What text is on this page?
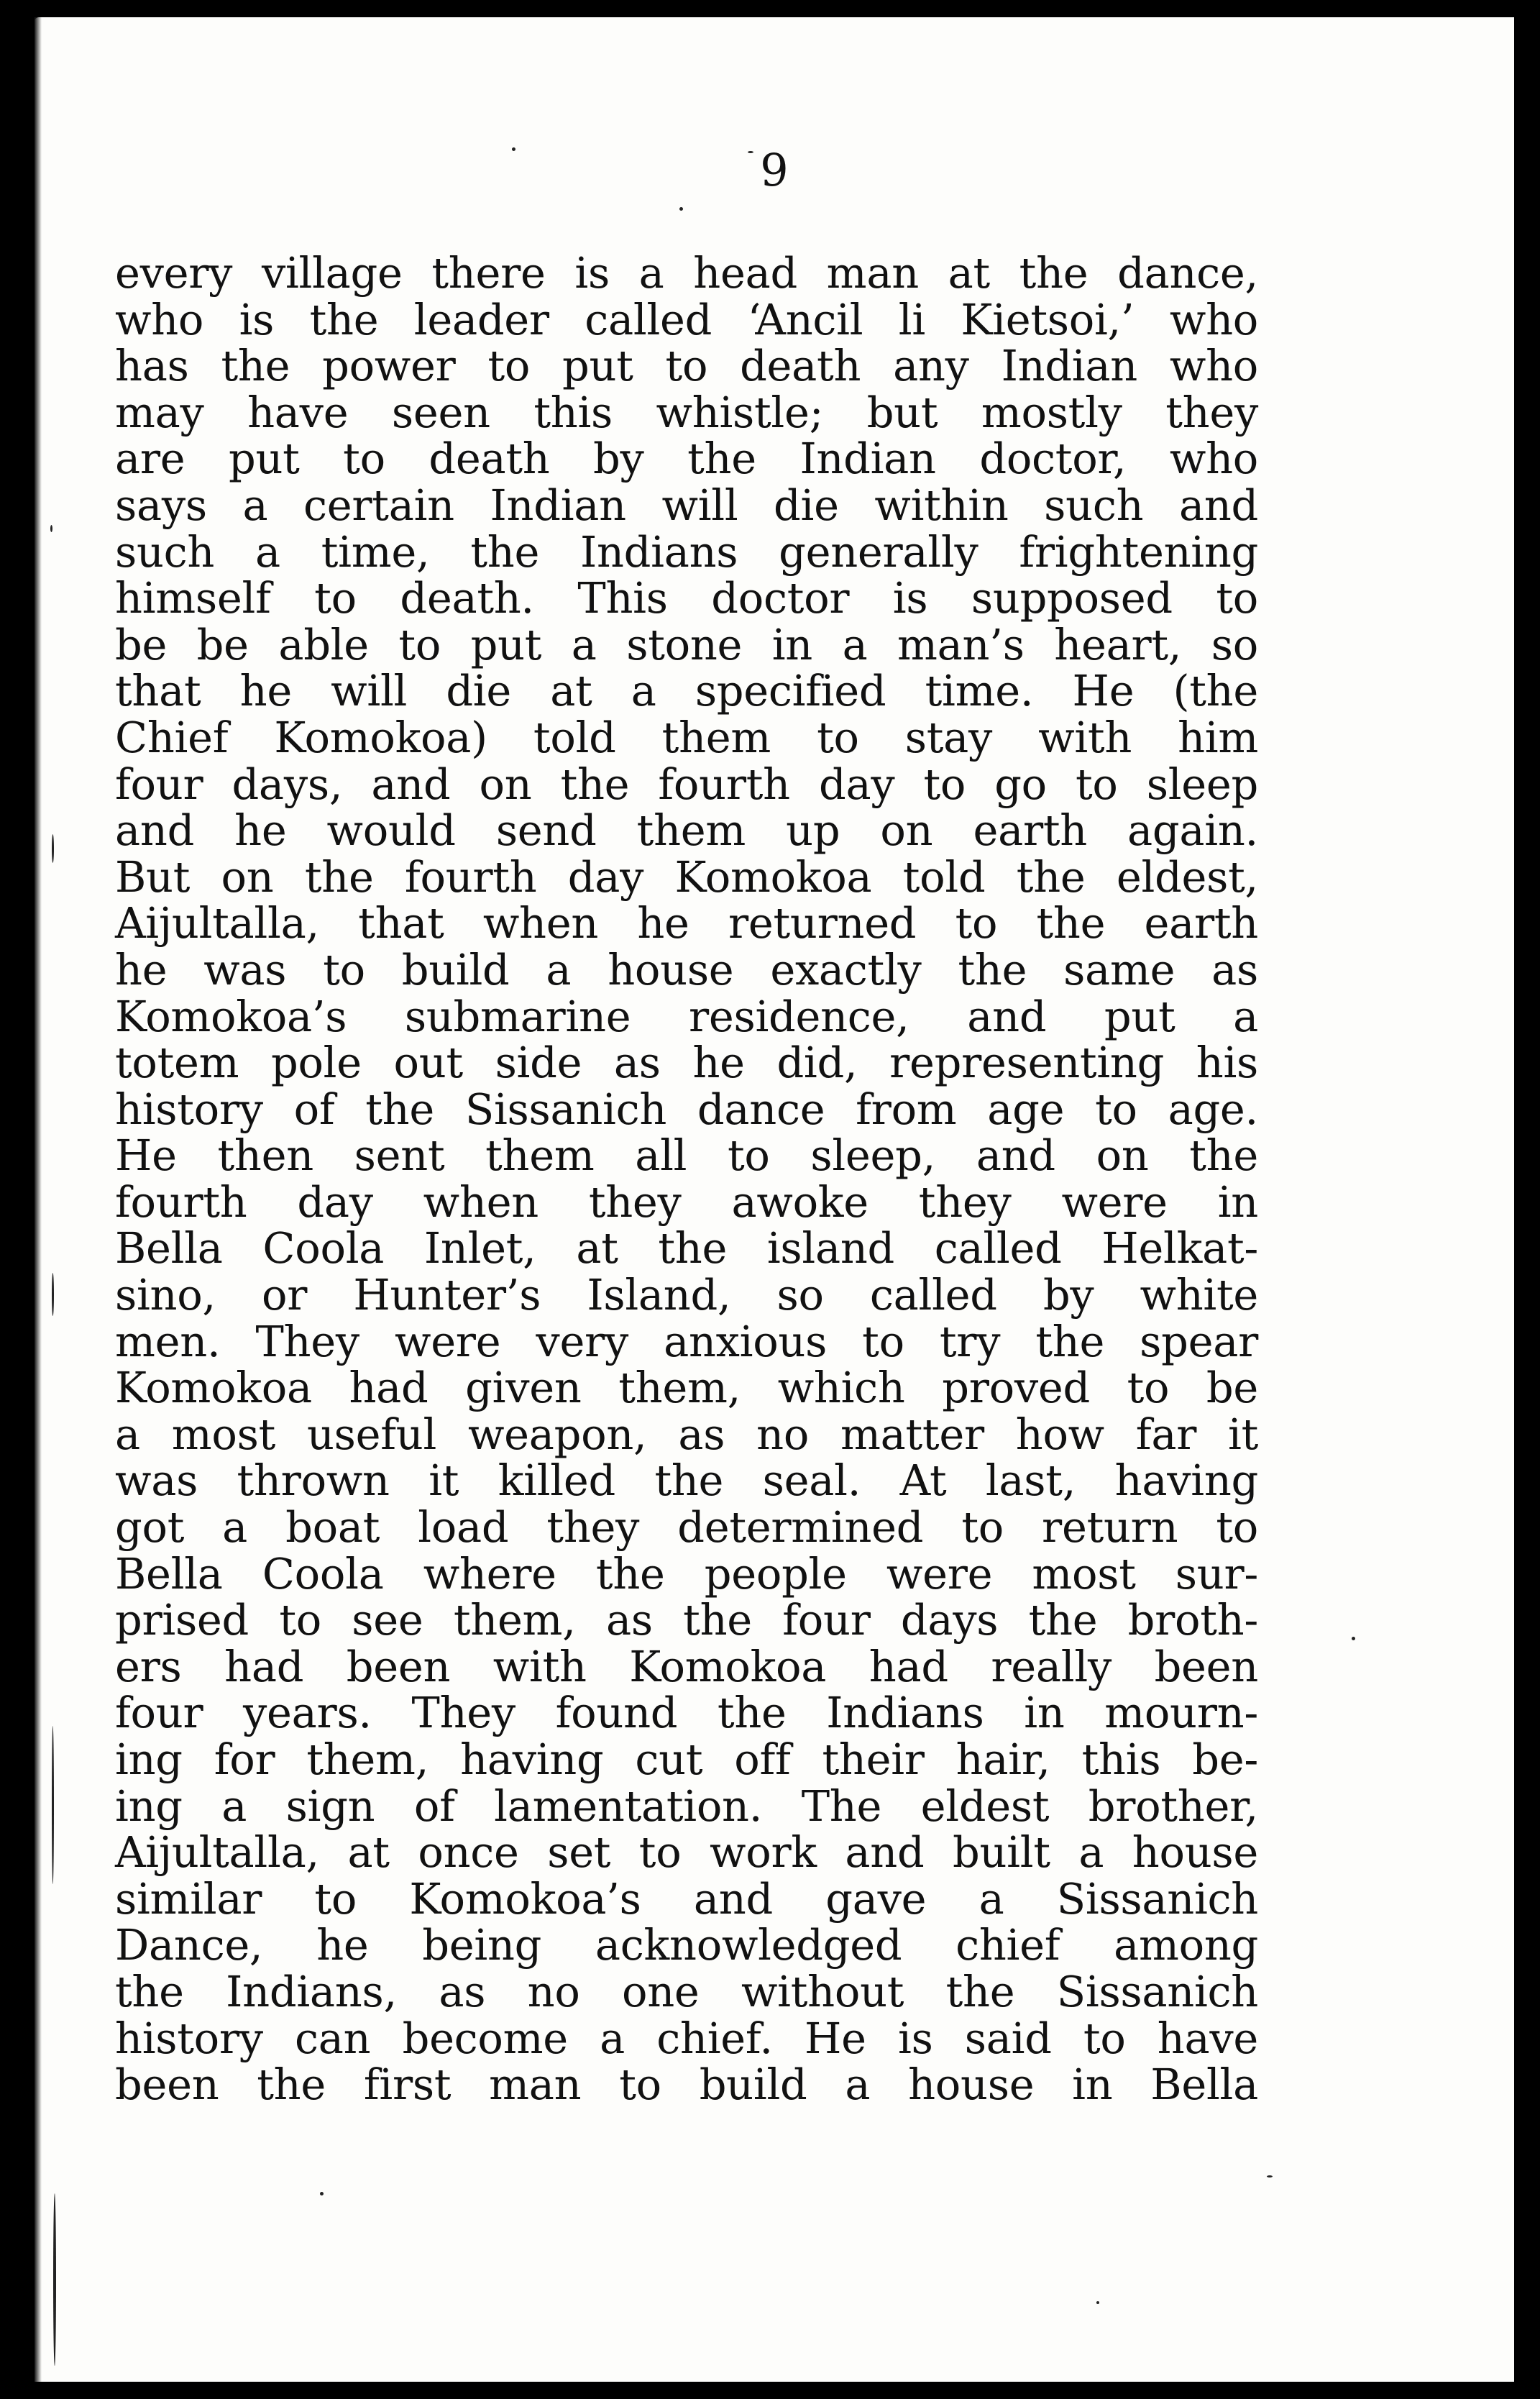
9

every village there is a head man at the dance,
who is the leader called ‘Ancil li Kietsoi,’ who
has the power to put to death any Indian who
may have seen this whistle; but mostly they
are put to death by the Indian doctor, who
says a certain Indian will die within such and
such a time, the Indians generally frightening
himself to death. This doctor is supposed to
be be able to put a stone in a man’s heart, so
that he will die at a specified time. He (the
Chief Komokoa) told them to stay with him
four days, and on the fourth day to go to sleep
and he would send them up on earth again.
But on the fourth day Komokoa told the eldest,
Aijultalla, that when he returned to the earth
he was to build a house exactly the same as
Komokoa’s submarine residence, and put a
totem pole out side as he did, representing his
history of the Sissanich dance from age to age.
He then sent them all to sleep, and on the
fourth day when they awoke they were in
Bella Coola Inlet, at the island called Helkat-
sino, or Hunter’s Island, so called by white
men. They were very anxious to try the spear
Komokoa had given them, which proved to be
a most useful weapon, as no matter how far it
was thrown it killed the seal. At last, having
got a boat load they determined to return to
Bella Coola where the people were most sur-
prised to see them, as the four days the broth-
ers had been with Komokoa had really been
four years. They found the Indians in mourn-
ing for them, having cut off their hair, this be-
ing a sign of lamentation. The eldest brother,
Aijultalla, at once set to work and built a house
similar to Komokoa’s and gave a Sissanich
Dance, he being acknowledged chief among
the Indians, as no one without the Sissanich
history can become a chief. He is said to have
been the first man to build a house in Bella
